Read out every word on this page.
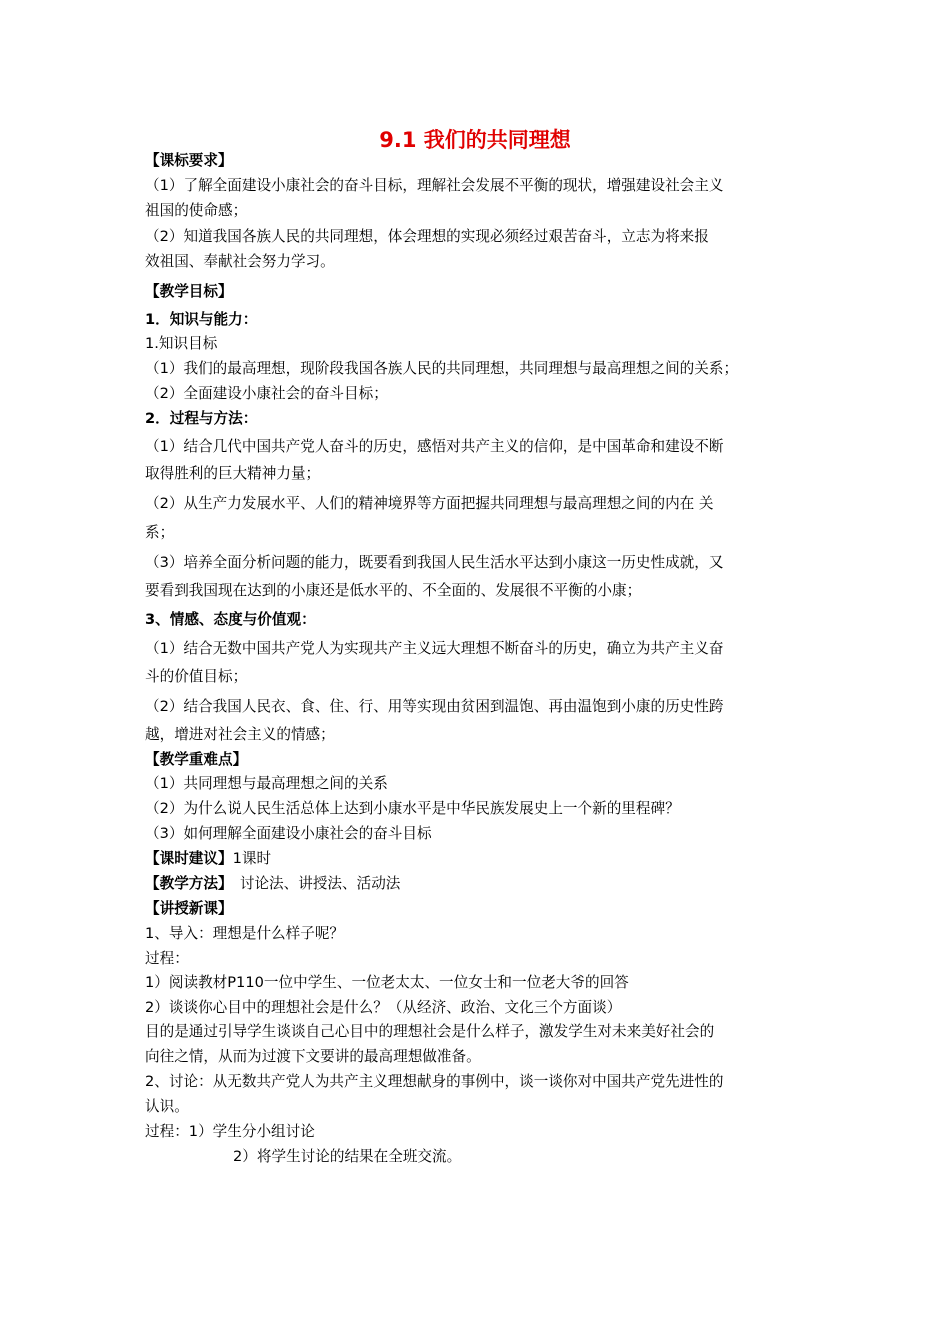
9.1 我们的共同理想
【课标要求】
（1）了解全面建设小康社会的奋斗目标，理解社会发展不平衡的现状，增强建设社会主义
祖国的使命感；
（2）知道我国各族人民的共同理想，体会理想的实现必须经过艰苦奋斗，立志为将来报
效祖国、奉献社会努力学习。
【教学目标】
1．知识与能力：
1.知识目标
（1）我们的最高理想，现阶段我国各族人民的共同理想，共同理想与最高理想之间的关系；
（2）全面建设小康社会的奋斗目标；
2．过程与方法：
（1）结合几代中国共产党人奋斗的历史，感悟对共产主义的信仰，是中国革命和建设不断
取得胜利的巨大精神力量；
（2）从生产力发展水平、人们的精神境界等方面把握共同理想与最高理想之间的内在 关
系；
（3）培养全面分析问题的能力，既要看到我国人民生活水平达到小康这一历史性成就，又
要看到我国现在达到的小康还是低水平的、不全面的、发展很不平衡的小康；
3、情感、态度与价值观：
（1）结合无数中国共产党人为实现共产主义远大理想不断奋斗的历史，确立为共产主义奋
斗的价值目标；
（2）结合我国人民衣、食、住、行、用等实现由贫困到温饱、再由温饱到小康的历史性跨
越，增进对社会主义的情感；
【教学重难点】
（1）共同理想与最高理想之间的关系
（2）为什么说人民生活总体上达到小康水平是中华民族发展史上一个新的里程碑？
（3）如何理解全面建设小康社会的奋斗目标
【课时建议】1课时
【教学方法】　讨论法、讲授法、活动法
【讲授新课】
1、导入：理想是什么样子呢？
过程：
1）阅读教材P110一位中学生、一位老太太、一位女士和一位老大爷的回答
2）谈谈你心目中的理想社会是什么？（从经济、政治、文化三个方面谈）
目的是通过引导学生谈谈自己心目中的理想社会是什么样子，激发学生对未来美好社会的
向往之情，从而为过渡下文要讲的最高理想做准备。
2、讨论：从无数共产党人为共产主义理想献身的事例中，谈一谈你对中国共产党先进性的
认识。
过程：1）学生分小组讨论
2）将学生讨论的结果在全班交流。
